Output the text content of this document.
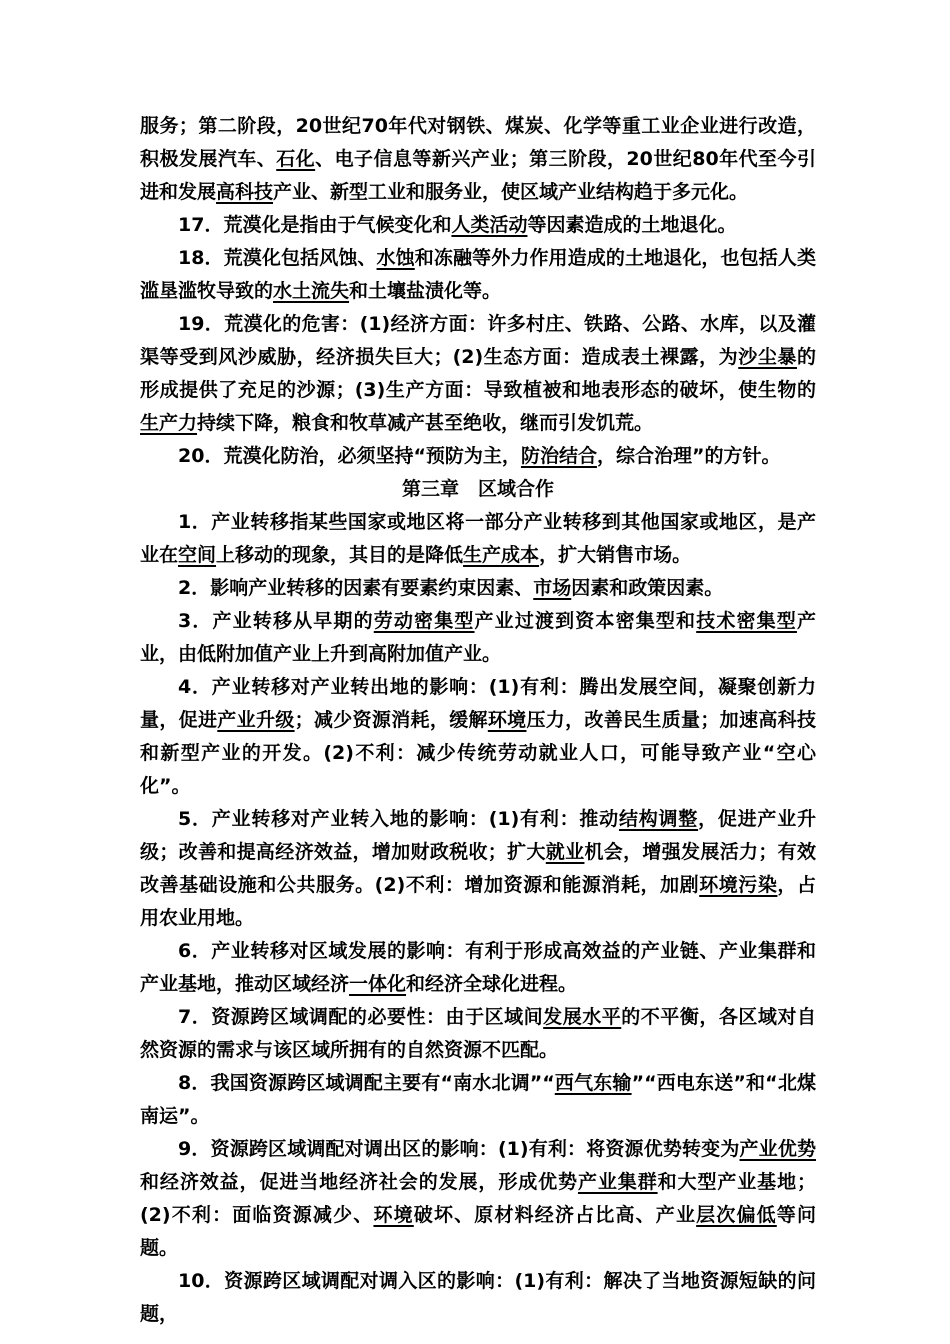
服务；第二阶段，20世纪70年代对钢铁、煤炭、化学等重工业企业进行改造，积极发展汽车、石化、电子信息等新兴产业；第三阶段，20世纪80年代至今引进和发展高科技产业、新型工业和服务业，使区域产业结构趋于多元化。

17．荒漠化是指由于气候变化和人类活动等因素造成的土地退化。

18．荒漠化包括风蚀、水蚀和冻融等外力作用造成的土地退化，也包括人类滥垦滥牧导致的水土流失和土壤盐渍化等。

19．荒漠化的危害：(1)经济方面：许多村庄、铁路、公路、水库，以及灌渠等受到风沙威胁，经济损失巨大；(2)生态方面：造成表土裸露，为沙尘暴的形成提供了充足的沙源；(3)生产方面：导致植被和地表形态的破坏，使生物的生产力持续下降，粮食和牧草减产甚至绝收，继而引发饥荒。

20．荒漠化防治，必须坚持“预防为主，防治结合，综合治理”的方针。

第三章　区域合作

1．产业转移指某些国家或地区将一部分产业转移到其他国家或地区，是产业在空间上移动的现象，其目的是降低生产成本，扩大销售市场。

2．影响产业转移的因素有要素约束因素、市场因素和政策因素。

3．产业转移从早期的劳动密集型产业过渡到资本密集型和技术密集型产业，由低附加值产业上升到高附加值产业。

4．产业转移对产业转出地的影响：(1)有利：腾出发展空间，凝聚创新力量，促进产业升级；减少资源消耗，缓解环境压力，改善民生质量；加速高科技和新型产业的开发。(2)不利：减少传统劳动就业人口，可能导致产业“空心化”。

5．产业转移对产业转入地的影响：(1)有利：推动结构调整，促进产业升级；改善和提高经济效益，增加财政税收；扩大就业机会，增强发展活力；有效改善基础设施和公共服务。(2)不利：增加资源和能源消耗，加剧环境污染，占用农业用地。

6．产业转移对区域发展的影响：有利于形成高效益的产业链、产业集群和产业基地，推动区域经济一体化和经济全球化进程。

7．资源跨区域调配的必要性：由于区域间发展水平的不平衡，各区域对自然资源的需求与该区域所拥有的自然资源不匹配。

8．我国资源跨区域调配主要有“南水北调”“西气东输”“西电东送”和“北煤南运”。

9．资源跨区域调配对调出区的影响：(1)有利：将资源优势转变为产业优势和经济效益，促进当地经济社会的发展，形成优势产业集群和大型产业基地；(2)不利：面临资源减少、环境破坏、原材料经济占比高、产业层次偏低等问题。

10．资源跨区域调配对调入区的影响：(1)有利：解决了当地资源短缺的问题，
